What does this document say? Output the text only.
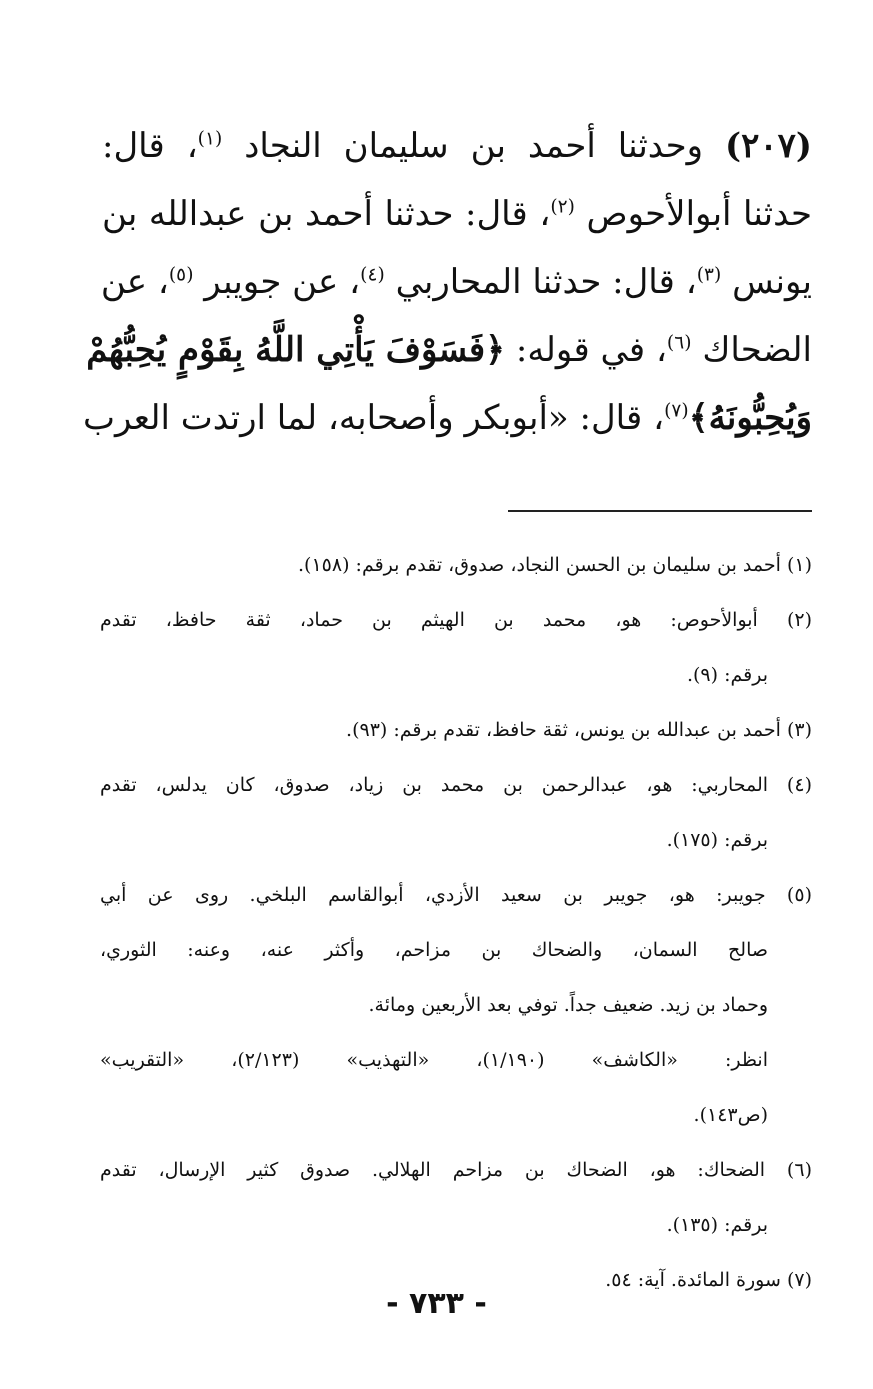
(٢٠٧) وحدثنا أحمد بن سليمان النجاد $^{(١)}$، قال:
حدثنا أبوالأحوص $^{(٢)}$، قال: حدثنا أحمد بن عبدالله بن
يونس $^{(٣)}$، قال: حدثنا المحاربي $^{(٤)}$، عن جويبر $^{(٥)}$، عن
الضحاك $^{(٦)}$، في قوله: ﴿فَسَوْفَ يَأْتِي اللَّهُ بِقَوْمٍ يُحِبُّهُمْ
وَيُحِبُّونَهُ﴾$^{(٧)}$، قال: «أبوبكر وأصحابه، لما ارتدت العرب
(١) أحمد بن سليمان بن الحسن النجاد، صدوق، تقدم برقم: (١٥٨).
(٢) أبوالأحوص: هو، محمد بن الهيثم بن حماد، ثقة حافظ، تقدم
برقم: (٩).
(٣) أحمد بن عبدالله بن يونس، ثقة حافظ، تقدم برقم: (٩٣).
(٤) المحاربي: هو، عبدالرحمن بن محمد بن زياد، صدوق، كان يدلس، تقدم
برقم: (١٧٥).
(٥) جويبر: هو، جويبر بن سعيد الأزدي، أبوالقاسم البلخي. روى عن أبي
صالح السمان، والضحاك بن مزاحم، وأكثر عنه، وعنه: الثوري،
وحماد بن زيد. ضعيف جداً. توفي بعد الأربعين ومائة.
انظر: «الكاشف» (١/١٩٠)، «التهذيب» (٢/١٢٣)، «التقريب»
(ص١٤٣).
(٦) الضحاك: هو، الضحاك بن مزاحم الهلالي. صدوق كثير الإرسال، تقدم
برقم: (١٣٥).
(٧) سورة المائدة. آية: ٥٤.
- ٧٣٣ -
